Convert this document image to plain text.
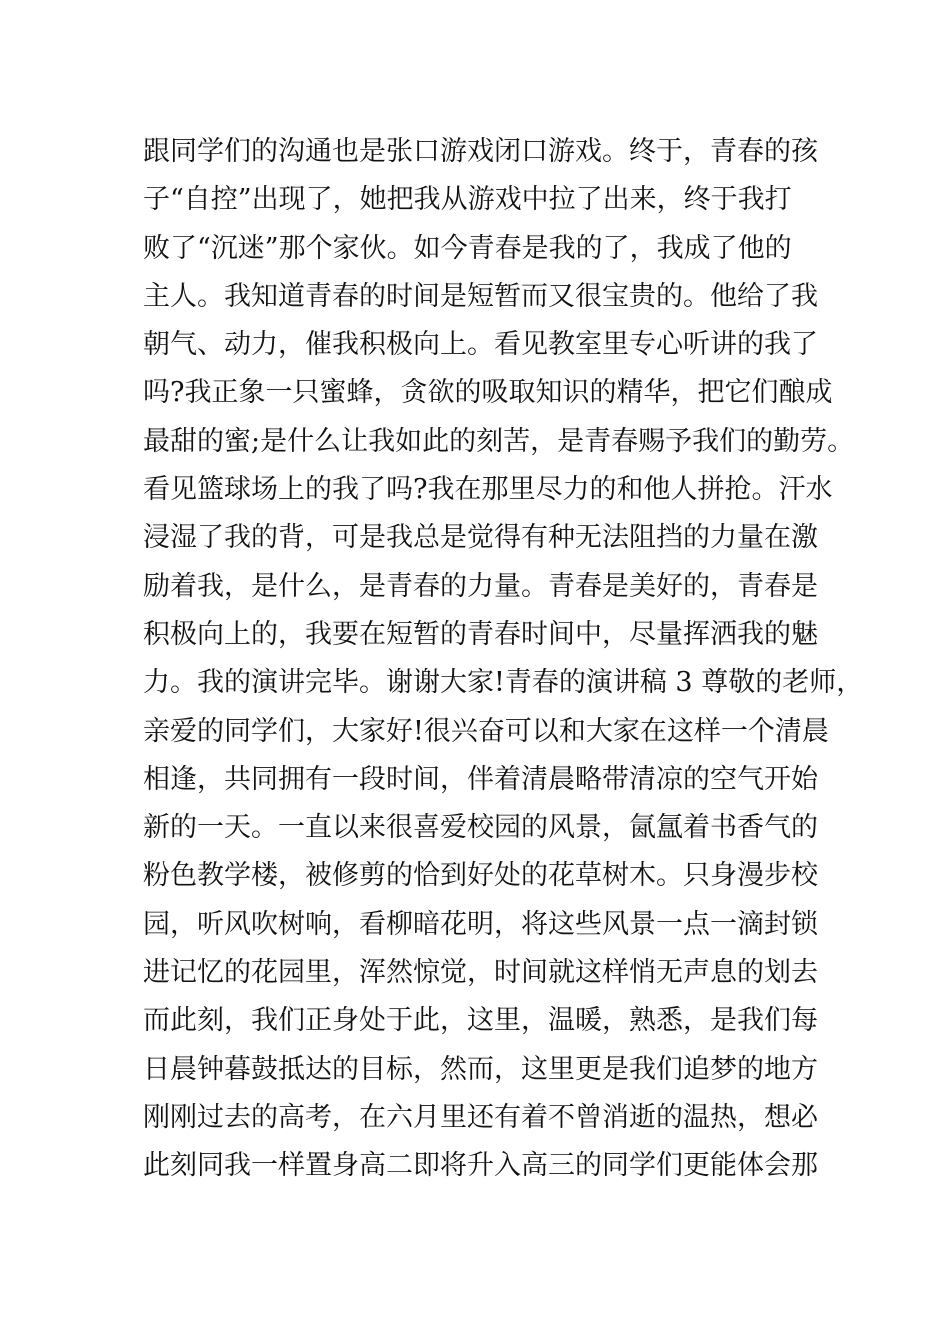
跟同学们的沟通也是张口游戏闭口游戏。终于，青春的孩
子“自控”出现了，她把我从游戏中拉了出来，终于我打
败了“沉迷”那个家伙。如今青春是我的了，我成了他的
主人。我知道青春的时间是短暂而又很宝贵的。他给了我
朝气、动力，催我积极向上。看见教室里专心听讲的我了
吗?我正象一只蜜蜂，贪欲的吸取知识的精华，把它们酿成
最甜的蜜;是什么让我如此的刻苦，是青春赐予我们的勤劳。
看见篮球场上的我了吗?我在那里尽力的和他人拼抢。汗水
浸湿了我的背，可是我总是觉得有种无法阻挡的力量在激
励着我，是什么，是青春的力量。青春是美好的，青春是
积极向上的，我要在短暂的青春时间中，尽量挥洒我的魅
力。我的演讲完毕。谢谢大家!青春的演讲稿 3 尊敬的老师，
亲爱的同学们，大家好!很兴奋可以和大家在这样一个清晨
相逢，共同拥有一段时间，伴着清晨略带清凉的空气开始
新的一天。一直以来很喜爱校园的风景，氤氲着书香气的
粉色教学楼，被修剪的恰到好处的花草树木。只身漫步校
园，听风吹树响，看柳暗花明，将这些风景一点一滴封锁
进记忆的花园里，浑然惊觉，时间就这样悄无声息的划去
而此刻，我们正身处于此，这里，温暖，熟悉，是我们每
日晨钟暮鼓抵达的目标，然而，这里更是我们追梦的地方
刚刚过去的高考，在六月里还有着不曾消逝的温热，想必
此刻同我一样置身高二即将升入高三的同学们更能体会那
